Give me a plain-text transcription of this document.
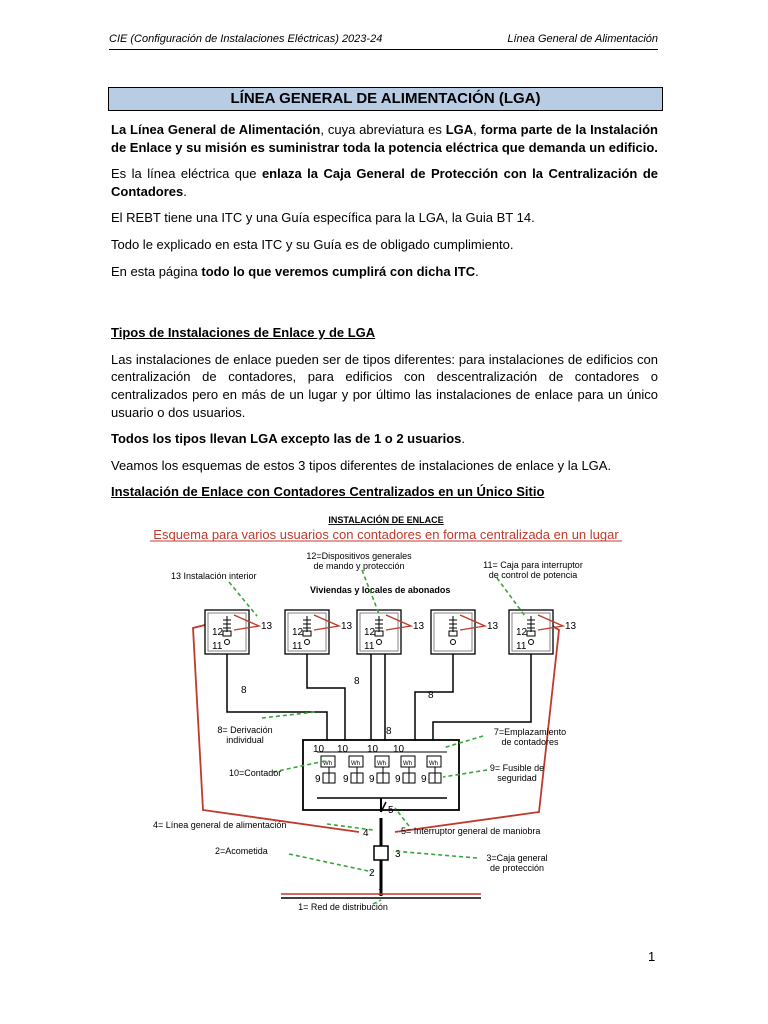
CIE (Configuración de Instalaciones Eléctricas) 2023-24	Línea General de Alimentación
LÍNEA GENERAL DE ALIMENTACIÓN (LGA)

La Línea General de Alimentación, cuya abreviatura es LGA, forma parte de la Instalación de Enlace y su misión es suministrar toda la potencia eléctrica que demanda un edificio.

Es la línea eléctrica que enlaza la Caja General de Protección con la Centralización de Contadores.

El REBT tiene una ITC y una Guía específica para la LGA, la Guia BT 14.

Todo le explicado en esta ITC y su Guía es de obligado cumplimiento.

En esta página todo lo que veremos cumplirá con dicha ITC.

Tipos de Instalaciones de Enlace y de LGA

Las instalaciones de enlace pueden ser de tipos diferentes: para instalaciones de edificios con centralización de contadores, para edificios con descentralización de contadores o centralizados pero en más de un lugar y por último las instalaciones de enlace para un único usuario o dos usuarios.

Todos los tipos llevan LGA excepto las de 1 o 2 usuarios.

Veamos los esquemas de estos 3 tipos diferentes de instalaciones de enlace y la LGA.

Instalación de Enlace con Contadores Centralizados en un Único Sitio

INSTALACIÓN DE ENLACE
Esquema para varios usuarios con contadores en forma centralizada en un lugar
12
11
13
12
11
13
12
11
13	13
12
11
13
Viviendas y locales de abonados
8
8
8
8
10 10 10 10
Wh	Wh	Wh	Wh	Wh
9 9 9 9 9
5
4
3
2
1
13 Instalación interior
12=Dispositivos generales
de mando y protección	11= Caja para interruptor
de control de potencia
8= Derivación
individual
7=Emplazamiento
de contadores
10=Contador	9= Fusible de
seguridad
4= Línea general de alimentación
5= Interruptor general de maniobra
2=Acometida
3=Caja general
de protección
1= Red de distribución
1
